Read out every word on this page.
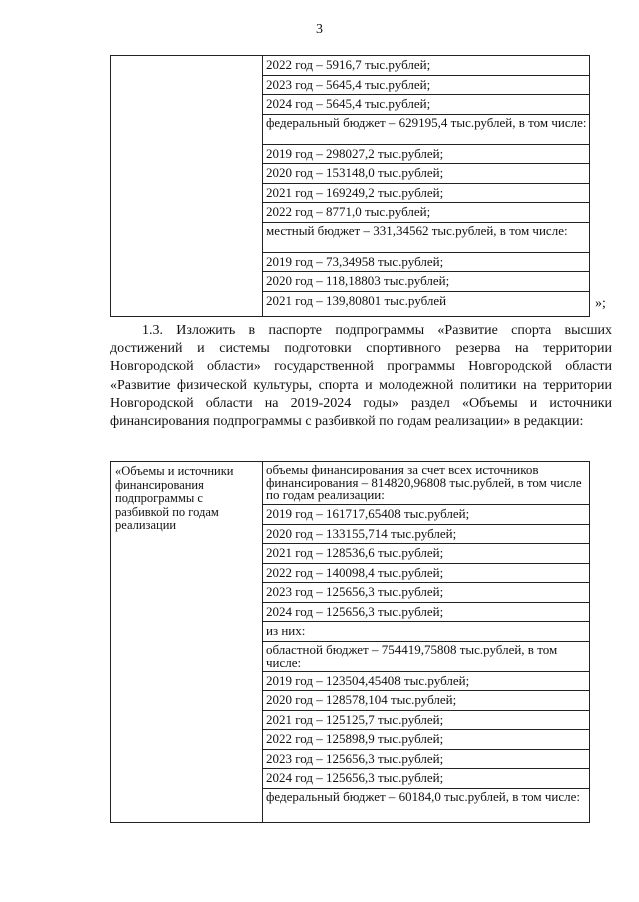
3
2022 год – 5916,7 тыс.рублей;
2023 год – 5645,4 тыс.рублей;
2024 год – 5645,4 тыс.рублей;
федеральный бюджет – 629195,4 тыс.рублей, в том числе:
2019 год – 298027,2 тыс.рублей;
2020 год – 153148,0 тыс.рублей;
2021 год – 169249,2 тыс.рублей;
2022 год – 8771,0 тыс.рублей;
местный бюджет – 331,34562 тыс.рублей, в том числе:
2019 год – 73,34958 тыс.рублей;
2020 год – 118,18803 тыс.рублей;
2021 год – 139,80801 тыс.рублей	»;
1.3. Изложить в паспорте подпрограммы «Развитие спорта высших достижений и системы подготовки спортивного резерва на территории Новгородской области» государственной программы Новгородской области «Развитие физической культуры, спорта и молодежной политики на территории Новгородской области на 2019-2024 годы» раздел «Объемы и источники финансирования подпрограммы с разбивкой по годам реализации» в редакции:
«Объемы и источники финансирования подпрограммы с разбивкой по годам реализации
объемы финансирования за счет всех источников финансирования – 814820,96808 тыс.рублей, в том числе по годам реализации:
2019 год – 161717,65408 тыс.рублей;
2020 год – 133155,714 тыс.рублей;
2021 год – 128536,6 тыс.рублей;
2022 год – 140098,4 тыс.рублей;
2023 год – 125656,3 тыс.рублей;
2024 год – 125656,3 тыс.рублей;
из них:
областной бюджет – 754419,75808 тыс.рублей, в том числе:
2019 год – 123504,45408 тыс.рублей;
2020 год – 128578,104 тыс.рублей;
2021 год – 125125,7 тыс.рублей;
2022 год – 125898,9 тыс.рублей;
2023 год – 125656,3 тыс.рублей;
2024 год – 125656,3 тыс.рублей;
федеральный бюджет – 60184,0 тыс.рублей, в том числе:
